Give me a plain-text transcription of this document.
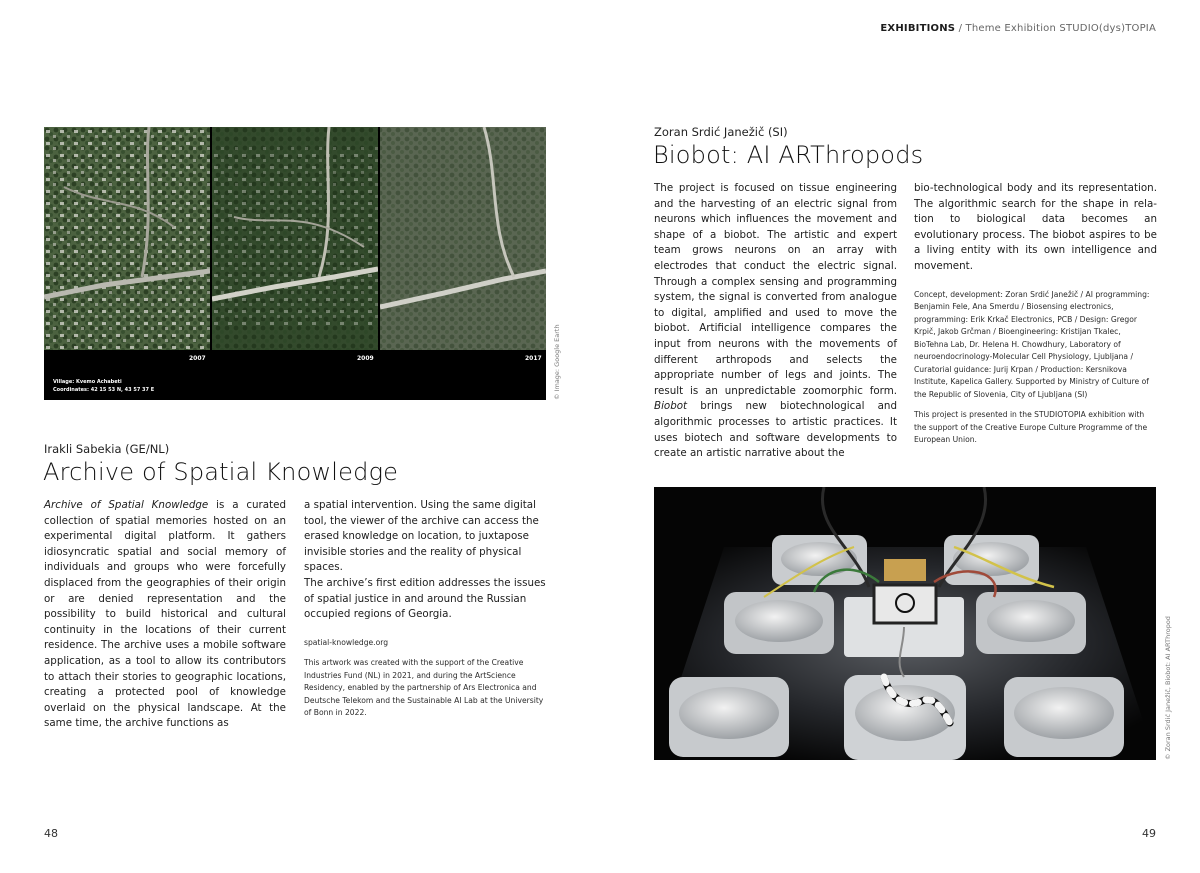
EXHIBITIONS / Theme Exhibition STUDIO(dys)TOPIA
2007	2009	2017
Village: Kvemo Achabeti
Coordinates: 42 15 53 N, 43 57 37 E	© Image: Google Earth
Irakli Sabekia (GE/NL)
Archive of Spatial Knowledge

Archive of Spatial Knowledge is a curated collection of spatial memories hosted on an experimental digital platform. It gathers idiosyncratic spatial and social memory of individuals and groups who were forcefully displaced from the geographies of their origin or are denied representation and the possibility to build historical and cultural continuity in the locations of their current residence. The archive uses a mobile software application, as a tool to allow its contributors to attach their stories to geographic locations, creating a protected pool of knowledge overlaid on the physical landscape. At the same time, the archive functions as

a spatial intervention. Using the same digital tool, the viewer of the archive can access the erased knowledge on location, to juxtapose invisible stories and the reality of physical spaces.

The archive’s first edition addresses the issues of spatial justice in and around the Russian occupied regions of Georgia.

spatial-knowledge.org

This artwork was created with the support of the Creative Industries Fund (NL) in 2021, and during the ArtScience Residency, enabled by the partnership of Ars Electronica and Deutsche Telekom and the Sustainable AI Lab at the University of Bonn in 2022.

48
Zoran Srdić Janežič (SI)
Biobot: AI ARThropods

The project is focused on tissue engineering and the harvesting of an electric signal from neurons which influences the movement and shape of a biobot. The artistic and expert team grows neurons on an array with electrodes that conduct the electric signal. Through a complex sensing and programming system, the signal is converted from analogue to digital, amplified and used to move the biobot. Artificial intelligence compares the input from neurons with the movements of different arthropods and selects the appropriate number of legs and joints. The result is an unpredictable zoomorphic form. Biobot brings new biotechnological and algorithmic processes to artistic practices. It uses biotech and software developments to create an artistic narrative about the

bio-technological body and its representation. The algorithmic search for the shape in relation to biological data becomes an evolutionary process. The biobot aspires to be a living entity with its own intelligence and movement.

Concept, development: Zoran Srdić Janežič / AI programming: Benjamin Fele, Ana Smerdu / Biosensing electronics, programming: Erik Krkač Electronics, PCB / Design: Gregor Krpič, Jakob Grčman / Bioengineering: Kristijan Tkalec, BioTehna Lab, Dr. Helena H. Chowdhury, Laboratory of neuroendocrinology-Molecular Cell Physiology, Ljubljana / Curatorial guidance: Jurij Krpan / Production: Kersnikova Institute, Kapelica Gallery. Supported by Ministry of Culture of the Republic of Slovenia, City of Ljubljana (SI)

This project is presented in the STUDIOTOPIA exhibition with the support of the Creative Europe Culture Programme of the European Union.

© Zoran Srdić Janežič, Biobot: AI ARThropod
49
